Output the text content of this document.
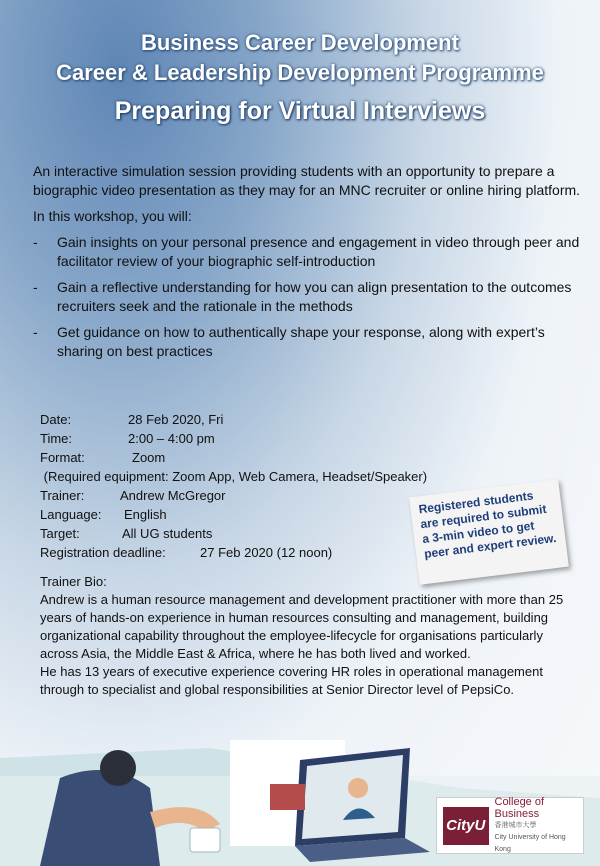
Business Career Development
Career & Leadership Development Programme
Preparing for Virtual Interviews

An interactive simulation session providing students with an opportunity to prepare a biographic video presentation as they may for an MNC recruiter or online hiring platform.

In this workshop, you will:

- Gain insights on your personal presence and engagement in video through peer and facilitator review of your biographic self-introduction
- Gain a reflective understanding for how you can align presentation to the outcomes recruiters seek and the rationale in the methods
- Get guidance on how to authentically shape your response, along with expert’s sharing on best practices
Date:	28 Feb 2020, Fri
Time:	2:00 – 4:00 pm
Format:	Zoom
(Required equipment: Zoom App, Web Camera, Headset/Speaker)
Trainer:	Andrew McGregor
Language:	English
Target:	All UG students
Registration deadline:	27 Feb 2020 (12 noon)
Registered students are required to submit a 3-min video to get peer and expert review.

Trainer Bio:

Andrew is a human resource management and development practitioner with more than 25 years of hands-on experience in human resources consulting and management, building organizational capability throughout the employee-lifecycle for organisations particularly across Asia, the Middle East & Africa, where he has both lived and worked.

He has 13 years of executive experience covering HR roles in operational management through to specialist and global responsibilities at Senior Director level of PepsiCo.

CityU
College of Business
香港城市大學
City University of Hong Kong
